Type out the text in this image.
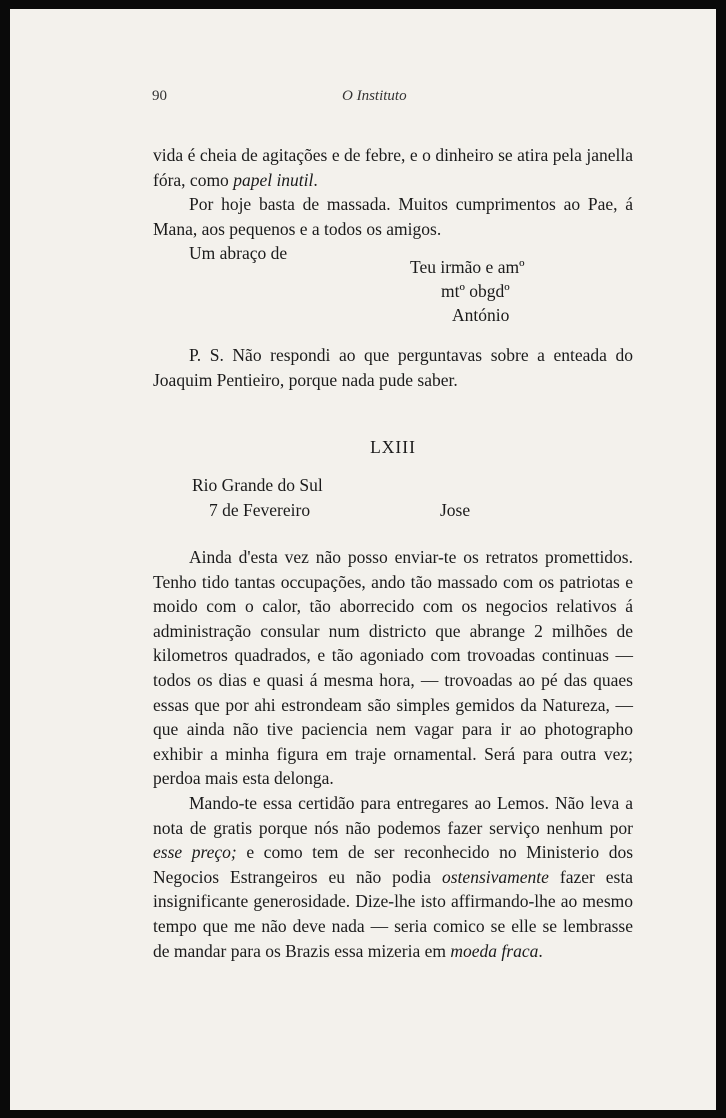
90	O Instituto

vida é cheia de agitações e de febre, e o dinheiro se atira pela janella fóra, como papel inutil.

Por hoje basta de massada. Muitos cumprimentos ao Pae, á Mana, aos pequenos e a todos os amigos.

Um abraço de

Teu irmão e amº
mtº obgdº
António

P. S. Não respondi ao que perguntavas sobre a enteada do Joaquim Pentieiro, porque nada pude saber.

LXIII
Rio Grande do Sul
7 de Fevereiro	Jose

Ainda d'esta vez não posso enviar-te os retratos promettidos. Tenho tido tantas occupações, ando tão massado com os patriotas e moido com o calor, tão aborrecido com os negocios relativos á administração consular num districto que abrange 2 milhões de kilometros quadrados, e tão agoniado com trovoadas continuas — todos os dias e quasi á mesma hora, — trovoadas ao pé das quaes essas que por ahi estrondeam são simples gemidos da Natureza, — que ainda não tive paciencia nem vagar para ir ao photographo exhibir a minha figura em traje ornamental. Será para outra vez; perdoa mais esta delonga.

Mando-te essa certidão para entregares ao Lemos. Não leva a nota de gratis porque nós não podemos fazer serviço nenhum por esse preço; e como tem de ser reconhecido no Ministerio dos Negocios Estrangeiros eu não podia ostensivamente fazer esta insignificante generosidade. Dize-lhe isto affirmando-lhe ao mesmo tempo que me não deve nada — seria comico se elle se lembrasse de mandar para os Brazis essa mizeria em moeda fraca.
